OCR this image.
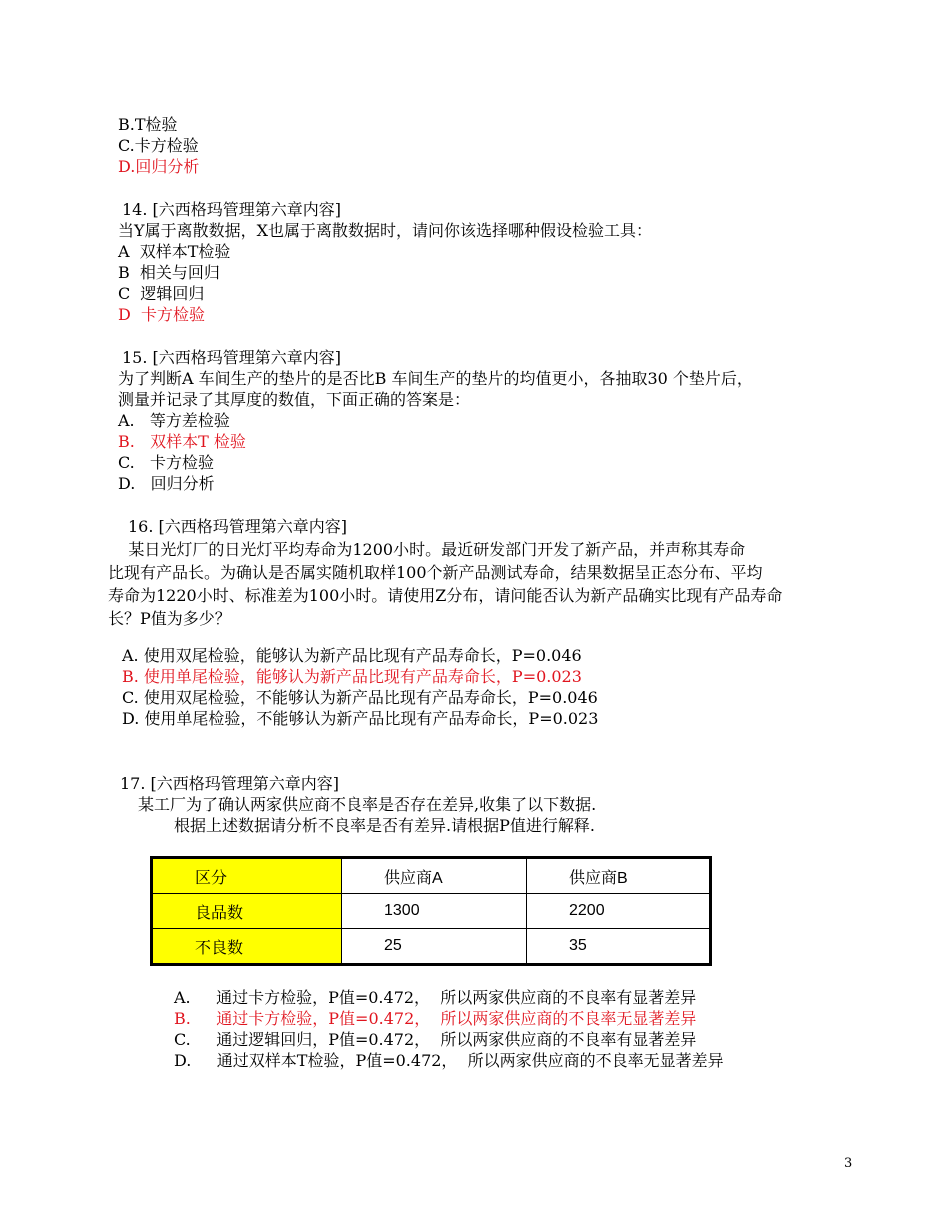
B.T检验
C.卡方检验
D.回归分析
14. [六西格玛管理第六章内容]
当Y属于离散数据，X也属于离散数据时，请问你该选择哪种假设检验工具：
A  双样本T检验
B  相关与回归
C  逻辑回归
D  卡方检验
15. [六西格玛管理第六章内容]
为了判断A 车间生产的垫片的是否比B 车间生产的垫片的均值更小，各抽取30 个垫片后，
测量并记录了其厚度的数值，下面正确的答案是：
A.   等方差检验
B.   双样本T 检验
C.   卡方检验
D.   回归分析
16. [六西格玛管理第六章内容]
某日光灯厂的日光灯平均寿命为1200小时。最近研发部门开发了新产品，并声称其寿命
比现有产品长。为确认是否属实随机取样100个新产品测试寿命，结果数据呈正态分布、平均
寿命为1220小时、标准差为100小时。请使用Z分布，请问能否认为新产品确实比现有产品寿命
长？P值为多少？
A. 使用双尾检验，能够认为新产品比现有产品寿命长，P=0.046
B. 使用单尾检验，能够认为新产品比现有产品寿命长，P=0.023
C. 使用双尾检验，不能够认为新产品比现有产品寿命长，P=0.046
D. 使用单尾检验，不能够认为新产品比现有产品寿命长，P=0.023
17. [六西格玛管理第六章内容]
某工厂为了确认两家供应商不良率是否存在差异,收集了以下数据.
根据上述数据请分析不良率是否有差异.请根据P值进行解释.
区分	供应商A	供应商B
良品数	1300	2200
不良数	25	35
A.     通过卡方检验，P值=0.472，  所以两家供应商的不良率有显著差异
B.     通过卡方检验，P值=0.472，  所以两家供应商的不良率无显著差异
C.     通过逻辑回归，P值=0.472，  所以两家供应商的不良率有显著差异
D.     通过双样本T检验，P值=0.472，  所以两家供应商的不良率无显著差异
3
